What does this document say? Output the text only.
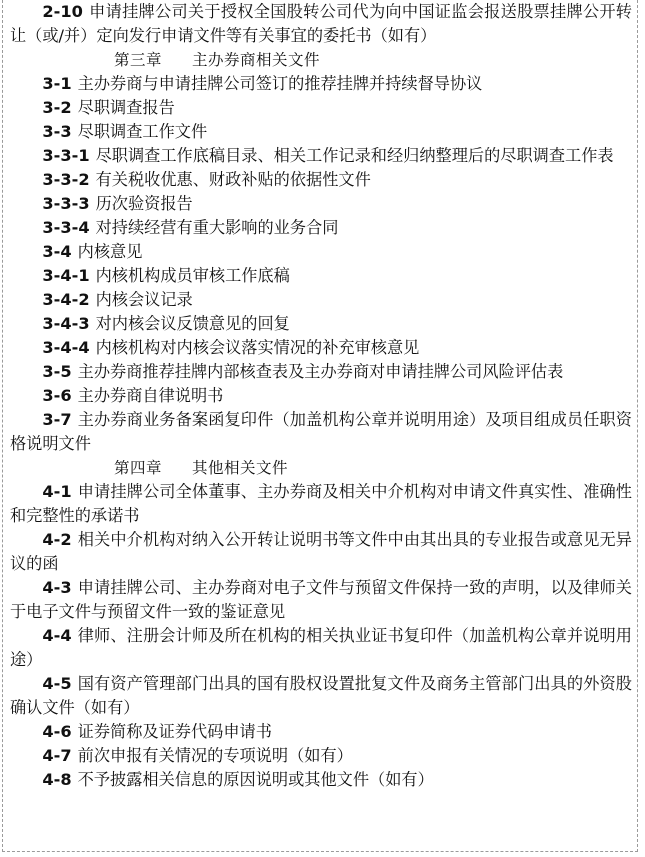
2-10 申请挂牌公司关于授权全国股转公司代为向中国证监会报送股票挂牌公开转让（或/并）定向发行申请文件等有关事宜的委托书（如有）

第三章 主办券商相关文件

3-1 主办券商与申请挂牌公司签订的推荐挂牌并持续督导协议

3-2 尽职调查报告

3-3 尽职调查工作文件

3-3-1 尽职调查工作底稿目录、相关工作记录和经归纳整理后的尽职调查工作表

3-3-2 有关税收优惠、财政补贴的依据性文件

3-3-3 历次验资报告

3-3-4 对持续经营有重大影响的业务合同

3-4 内核意见

3-4-1 内核机构成员审核工作底稿

3-4-2 内核会议记录

3-4-3 对内核会议反馈意见的回复

3-4-4 内核机构对内核会议落实情况的补充审核意见

3-5 主办券商推荐挂牌内部核查表及主办券商对申请挂牌公司风险评估表

3-6 主办券商自律说明书

3-7 主办券商业务备案函复印件（加盖机构公章并说明用途）及项目组成员任职资格说明文件

第四章 其他相关文件

4-1 申请挂牌公司全体董事、主办券商及相关中介机构对申请文件真实性、准确性和完整性的承诺书

4-2 相关中介机构对纳入公开转让说明书等文件中由其出具的专业报告或意见无异议的函

4-3 申请挂牌公司、主办券商对电子文件与预留文件保持一致的声明，以及律师关于电子文件与预留文件一致的鉴证意见

4-4 律师、注册会计师及所在机构的相关执业证书复印件（加盖机构公章并说明用途）

4-5 国有资产管理部门出具的国有股权设置批复文件及商务主管部门出具的外资股确认文件（如有）

4-6 证券简称及证券代码申请书

4-7 前次申报有关情况的专项说明（如有）

4-8 不予披露相关信息的原因说明或其他文件（如有）
